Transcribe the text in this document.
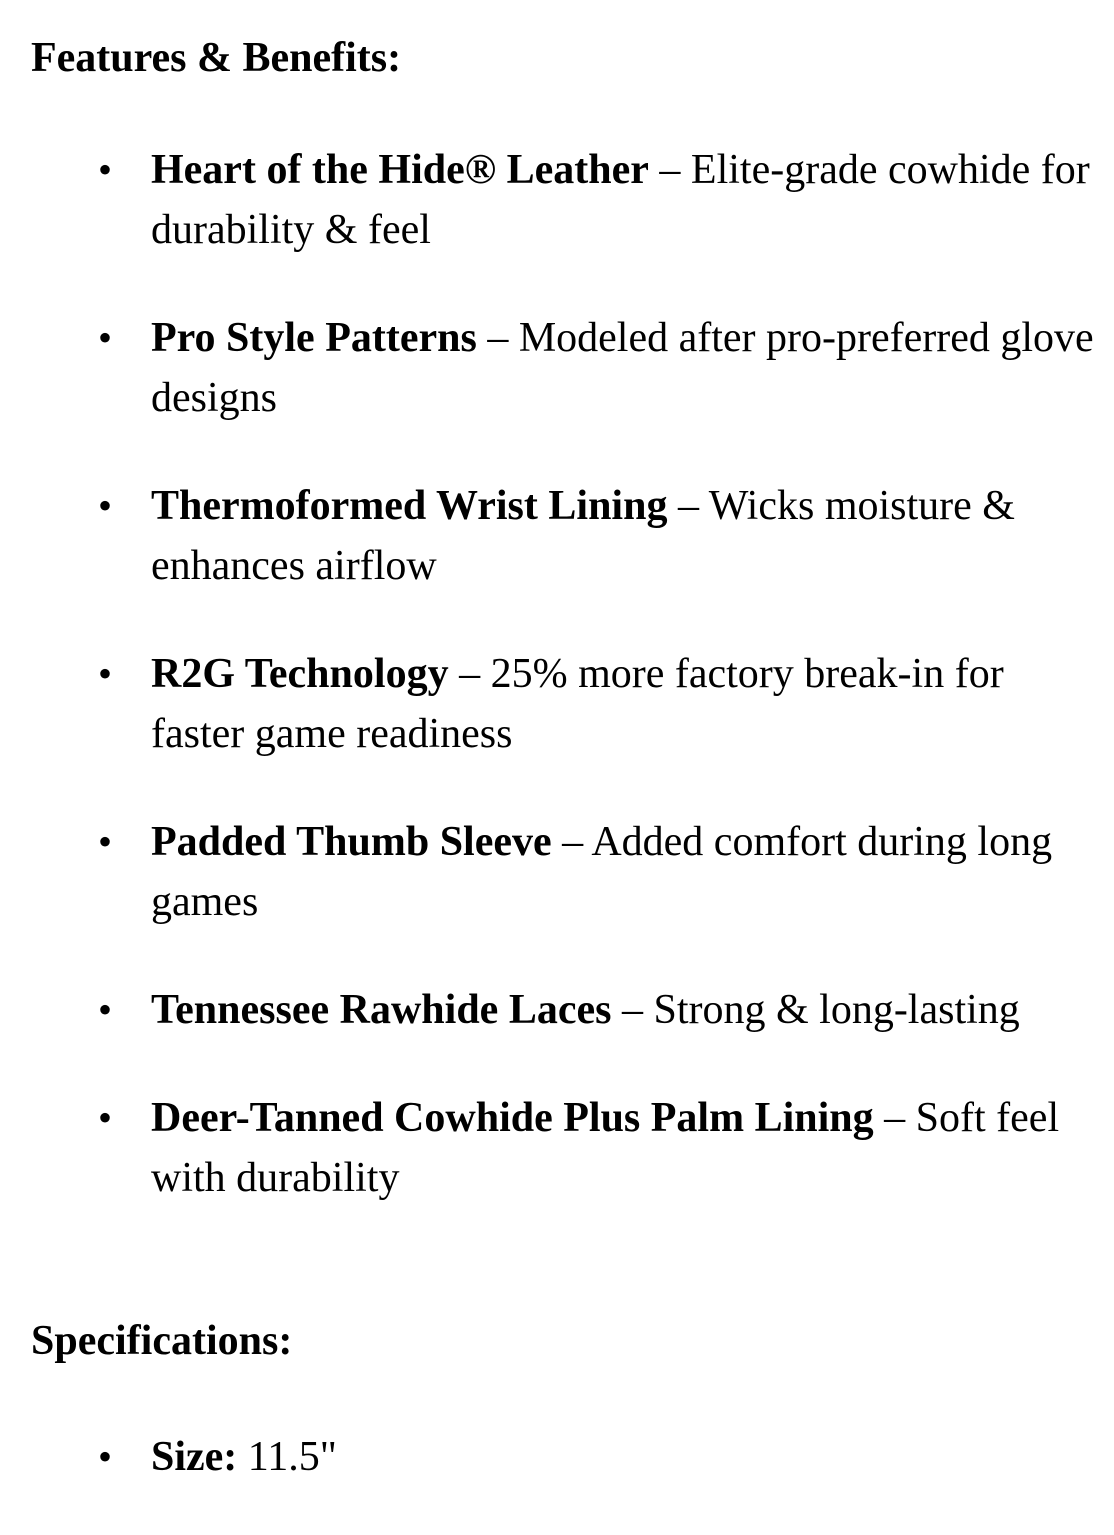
Features & Benefits:
• Heart of the Hide® Leather – Elite-grade cowhide for durability & feel
• Pro Style Patterns – Modeled after pro-preferred glove designs
• Thermoformed Wrist Lining – Wicks moisture & enhances airflow
• R2G Technology – 25% more factory break-in for faster game readiness
• Padded Thumb Sleeve – Added comfort during long games
• Tennessee Rawhide Laces – Strong & long-lasting
• Deer-Tanned Cowhide Plus Palm Lining – Soft feel with durability
Specifications:
• Size: 11.5"
